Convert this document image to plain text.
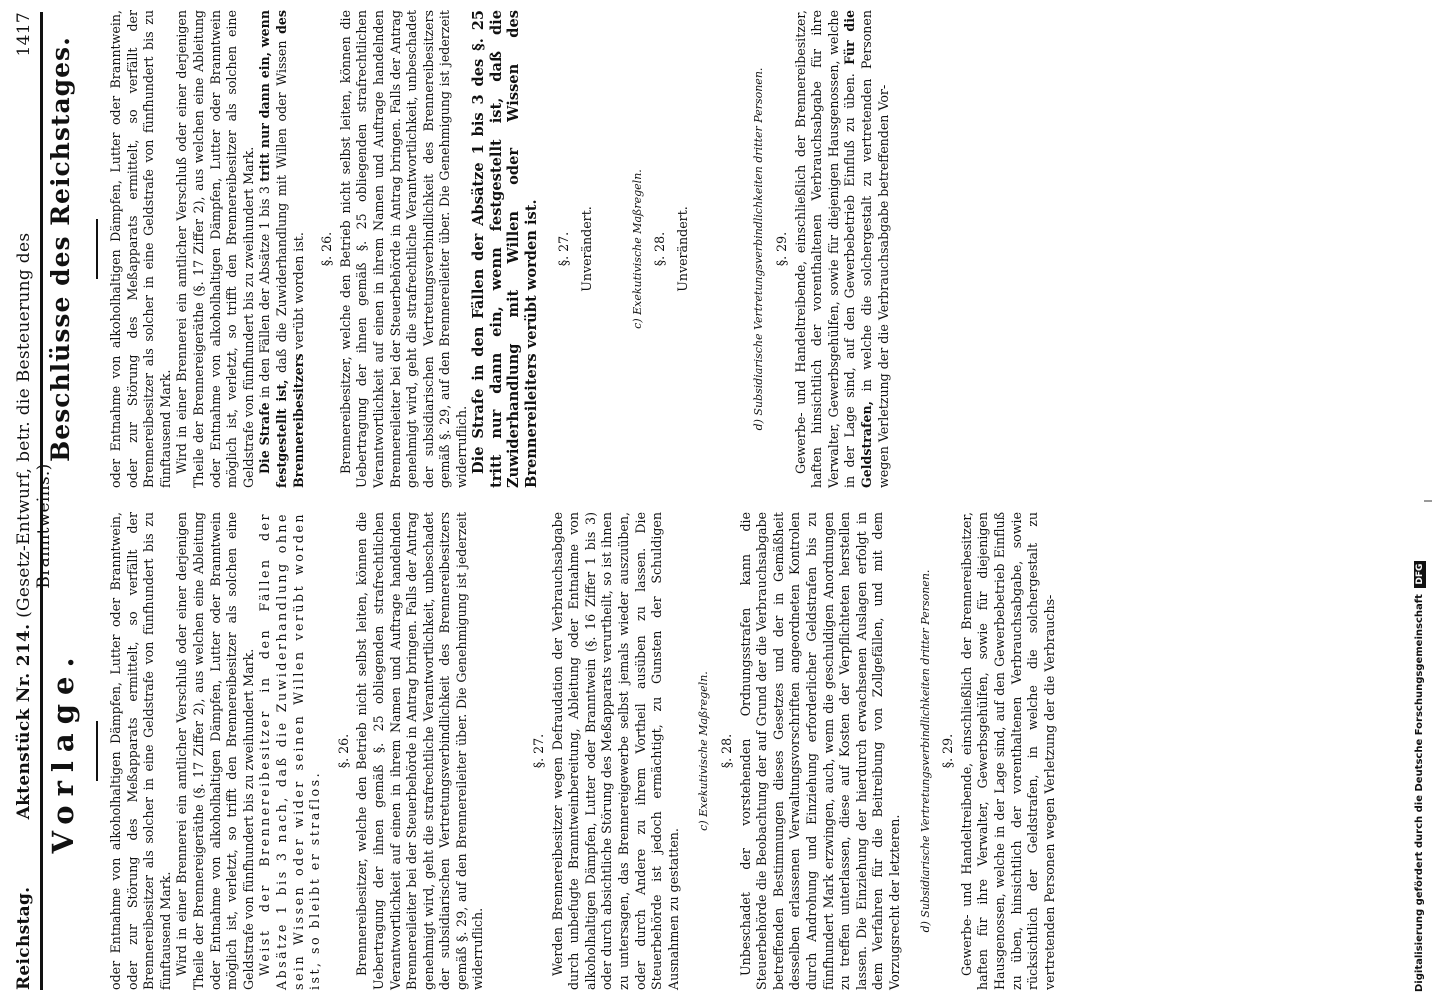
Reichstag.
Aktenstück Nr. 214. (Gesetz-Entwurf, betr. die Besteuerung des Branntweins.)
1417
Vorlage.
Beschlüsse des Reichstages.

oder Entnahme von alkoholhaltigen Dämpfen, Lutter oder Branntwein, oder zur Störung des Meßapparats ermittelt, so verfällt der Brennereibesitzer als solcher in eine Geldstrafe von fünfhundert bis zu fünftausend Mark. Wird in einer Brennerei ein amtlicher Verschluß oder einer derjenigen Theile der Brennereigeräthe (§. 17 Ziffer 2), aus welchen eine Ableitung oder Entnahme von alkoholhaltigen Dämpfen, Lutter oder Branntwein möglich ist, verletzt, so trifft den Brennereibesitzer als solchen eine Geldstrafe von fünfhundert bis zu zweihundert Mark. Weist der Brennereibesitzer in den Fällen der Absätze 1 bis 3 nach, daß die Zuwiderhandlung ohne sein Wissen oder wider seinen Willen verübt worden ist, so bleibt er straflos.

§. 26. Brennereibesitzer, welche den Betrieb nicht selbst leiten, können die Uebertragung der ihnen gemäß §. 25 obliegenden strafrechtlichen Verantwortlichkeit auf einen in ihrem Namen und Auftrage handelnden Brennereileiter bei der Steuerbehörde in Antrag bringen. Falls der Antrag genehmigt wird, geht die strafrechtliche Verantwortlichkeit, unbeschadet der subsidiarischen Vertretungsverbindlichkeit des Brennereibesitzers gemäß §. 29, auf den Brennereileiter über. Die Genehmigung ist jederzeit widerruflich.

§. 27. Werden Brennereibesitzer wegen Defraudation der Verbrauchsabgabe durch unbefugte Branntweinbereitung, Ableitung oder Entnahme von alkoholhaltigen Dämpfen, Lutter oder Branntwein (§. 16 Ziffer 1 bis 3) oder durch absichtliche Störung des Meßapparats verurtheilt, so ist ihnen zu untersagen, das Brennereigewerbe selbst jemals wieder auszuüben, oder durch Andere zu ihrem Vortheil ausüben zu lassen. Die Steuerbehörde ist jedoch ermächtigt, zu Gunsten der Schuldigen Ausnahmen zu gestatten.

c) Exekutivische Maßregeln. §. 28. Unbeschadet der vorstehenden Ordnungsstrafen kann die Steuerbehörde die Beobachtung der auf Grund der die Verbrauchsabgabe betreffenden Bestimmungen dieses Gesetzes und der in Gemäßheit desselben erlassenen Verwaltungsvorschriften angeordneten Kontrolen durch Androhung und Einziehung erforderlicher Geldstrafen bis zu fünfhundert Mark erzwingen, auch, wenn die geschuldigen Anordnungen zu treffen unterlassen, diese auf Kosten der Verpflichteten herstellen lassen. Die Einziehung der hierdurch erwachsenen Auslagen erfolgt in dem Verfahren für die Beitreibung von Zollgefällen, und mit dem Vorzugsrecht der letzteren. d) Subsidiarische Vertretungsverbindlichkeiten dritter Personen. §. 29. Gewerbe- und Handeltreibende, einschließlich der Brennereibesitzer, haften für ihre Verwalter, Gewerbsgehülfen, sowie für diejenigen Hausgenossen, welche in der Lage sind, auf den Gewerbebetrieb Einfluß zu üben, hinsichtlich der vorenthaltenen Verbrauchsabgabe, sowie rücksichtlich der Geldstrafen, in welche die solchergestalt zu vertretenden Personen wegen Verletzung der die Verbrauchs-

oder Entnahme von alkoholhaltigen Dämpfen, Lutter oder Branntwein, oder zur Störung des Meßapparats ermittelt, so verfällt der Brennereibesitzer als solcher in eine Geldstrafe von fünfhundert bis zu fünftausend Mark. Wird in einer Brennerei ein amtlicher Verschluß oder einer derjenigen Theile der Brennereigeräthe (§. 17 Ziffer 2), aus welchen eine Ableitung oder Entnahme von alkoholhaltigen Dämpfen, Lutter oder Branntwein möglich ist, verletzt, so trifft den Brennereibesitzer als solchen eine Geldstrafe von fünfhundert bis zu zweihundert Mark. Die Strafe in den Fällen der Absätze 1 bis 3 tritt nur dann ein, wenn festgestellt ist, daß die Zuwiderhandlung mit Willen oder Wissen des Brennereibesitzers verübt worden ist. §. 26. Brennereibesitzer, welche den Betrieb nicht selbst leiten, können die Uebertragung der ihnen gemäß §. 25 obliegenden strafrechtlichen Verantwortlichkeit auf einen in ihrem Namen und Auftrage handelnden Brennereileiter bei der Steuerbehörde in Antrag bringen. Falls der Antrag genehmigt wird, geht die strafrechtliche Verantwortlichkeit, unbeschadet der subsidiarischen Vertretungsverbindlichkeit des Brennereibesitzers gemäß §. 29, auf den Brennereileiter über. Die Genehmigung ist jederzeit widerruflich. Die Strafe in den Fällen der Absätze 1 bis 3 des §. 25 tritt nur dann ein, wenn festgestellt ist, daß die Zuwiderhandlung mit Willen oder Wissen des Brennereileiters verübt worden ist. §. 27. Unverändert.	c) Exekutivische Maßregeln. §. 28. Unverändert.	d) Subsidiarische Vertretungsverbindlichkeiten dritter Personen. §. 29. Gewerbe- und Handeltreibende, einschließlich der Brennereibesitzer, haften hinsichtlich der vorenthaltenen Verbrauchsabgabe für ihre Verwalter, Gewerbsgehülfen, sowie für diejenigen Hausgenossen, welche in der Lage sind, auf den Gewerbebetrieb Einfluß zu üben. Für die Geldstrafen, in welche die solchergestalt zu vertretenden Personen wegen Verletzung der die Verbrauchsabgabe betreffenden Vor-

Digitalisierung gefördert durch die Deutsche Forschungsgemeinschaft DFG
